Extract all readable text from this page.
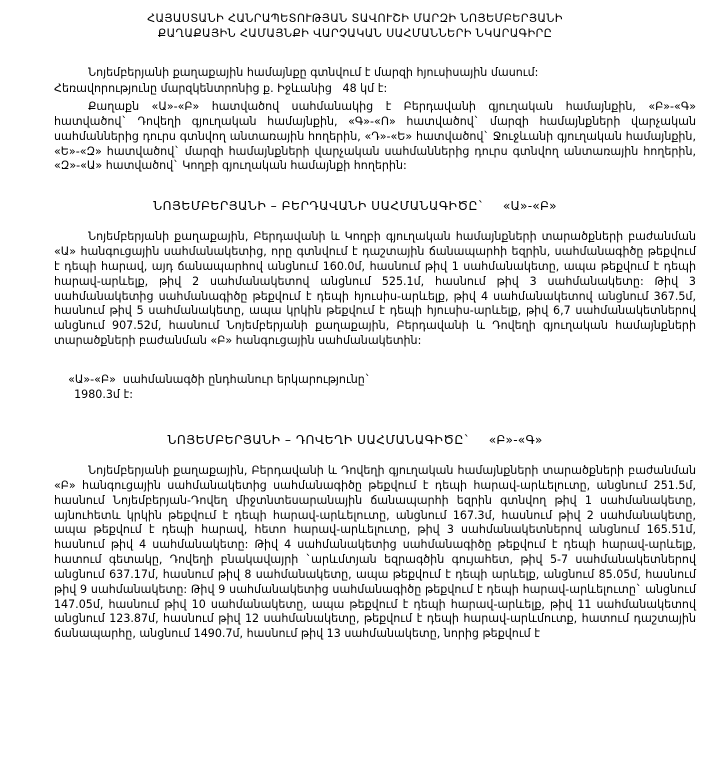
ՀԱՅԱՍՏԱՆԻ ՀԱՆՐԱՊԵՏՈՒԹՅԱՆ ՏԱՎՈՒՇԻ ՄԱՐԶԻ ՆՈՅԵՄԲԵՐՅԱՆԻ
ՔԱՂԱՔԱՅԻՆ ՀԱՄԱՅՆՔԻ ՎԱՐՉԱԿԱՆ ՍԱՀՄԱՆՆԵՐԻ ՆԿԱՐԱԳԻՐԸ
Նոյեմբերյանի քաղաքային համայնքը գտնվում է մարզի հյուսիսային մասում:
Հեռավորությունը մարզկենտրոնից ք. Իջևանից   48 կմ է:
Քաղաքն «Ա»-«Բ» հատվածով սահմանակից է Բերդավանի գյուղական համայնքին, «Բ»-«Գ» հատվածով` Դովեղի գյուղական համայնքին, «Գ»-«Ո» հատվածով` մարզի համայնքների վարչական սահմաններից դուրս գտնվող անտառային հողերին, «Դ»-«Ե» հատվածով` Ջուջևանի գյուղական համայնքին, «Ե»-«Զ» հատվածով` մարզի համայնքների վարչական սահմաններից դուրս գտնվող անտառային հողերին, «Զ»-«Ա» հատվածով` Կողբի գյուղական համայնքի հողերին:
ՆՈՅԵՄԲԵՐՅԱՆԻ – ԲԵՐԴԱՎԱՆԻ ՍԱՀՄԱՆԱԳԻԾԸ` «Ա»-«Բ»
Նոյեմբերյանի քաղաքային, Բերդավանի և Կողբի գյուղական համայնքների տարածքների բաժանման «Ա» հանգուցային սահմանակետից, որը գտնվում է դաշտային ճանապարհի եզրին, սահմանագիծը թեքվում է դեպի հարավ, այդ ճանապարհով անցնում 160.0մ, հասնում թիվ 1 սահմանակետը, ապա թեքվում է դեպի հարավ-արևելք, թիվ 2 սահմանակետով անցնում 525.1մ, հասնում թիվ 3 սահմանակետը: Թիվ 3 սահմանակետից սահմանագիծը թեքվում է դեպի հյուսիս-արևելք, թիվ 4 սահմանակետով անցնում 367.5մ, հասնում թիվ 5 սահմանակետը, ապա կրկին թեքվում է դեպի հյուսիս-արևելք, թիվ 6,7 սահմանակետներով անցնում 907.52մ, հասնում Նոյեմբերյանի քաղաքային, Բերդավանի և Դովեղի գյուղական համայնքների տարածքների բաժանման «Բ» հանգուցային սահմանակետին:

«Ա»-«Բ»  սահմանագծի ընդհանուր երկարությունը`
1980.3մ է:

ՆՈՅԵՄԲԵՐՅԱՆԻ – ԴՈՎԵՂԻ ՍԱՀՄԱՆԱԳԻԾԸ` «Բ»-«Գ»
Նոյեմբերյանի քաղաքային, Բերդավանի և Դովեղի գյուղական համայնքների տարածքների բաժանման «Բ» հանգուցային սահմանակետից սահմանագիծը թեքվում է դեպի հարավ-արևելուտը, անցնում 251.5մ, հասնում Նոյեմբերյան-Դովեղ միջտնտեսարանային ճանապարհի եզրին գտնվող թիվ 1 սահմանակետը, այնուհետև կրկին թեքվում է դեպի հարավ-արևելուտը, անցնում 167.3մ, հասնում թիվ 2 սահմանակետը, ապա թեքվում է դեպի հարավ, հետո հարավ-արևելուտը, թիվ 3 սահմանակետներով անցնում 165.51մ, հասնում թիվ 4 սահմանակետը: Թիվ 4 սահմանակետից սահմանագիծը թեքվում է դեպի հարավ-արևելք, հատում գետակը, Դովեղի բնակավայրի `արևմտյան եզրագծին գույահետ, թիվ 5-7 սահմանակետներով անցնում 637.17մ, հասնում թիվ 8 սահմանակետը, ապա թեքվում է դեպի արևելք, անցնում 85.05մ, հասնում թիվ 9 սահմանակետը: Թիվ 9 սահմանակետից սահմանագիծը թեքվում է դեպի հարավ-արևելուտը` անցնում 147.05մ, հասնում թիվ 10 սահմանակետը, ապա թեքվում է դեպի հարավ-արևելք, թիվ 11 սահմանակետով անցնում 123.87մ, հասնում թիվ 12 սահմանակետը, թեքվում է դեպի հարավ-արևմուտք, հատում դաշտային ճանապարհը, անցնում 1490.7մ, հասնում թիվ 13 սահմանակետը, նորից թեքվում է
